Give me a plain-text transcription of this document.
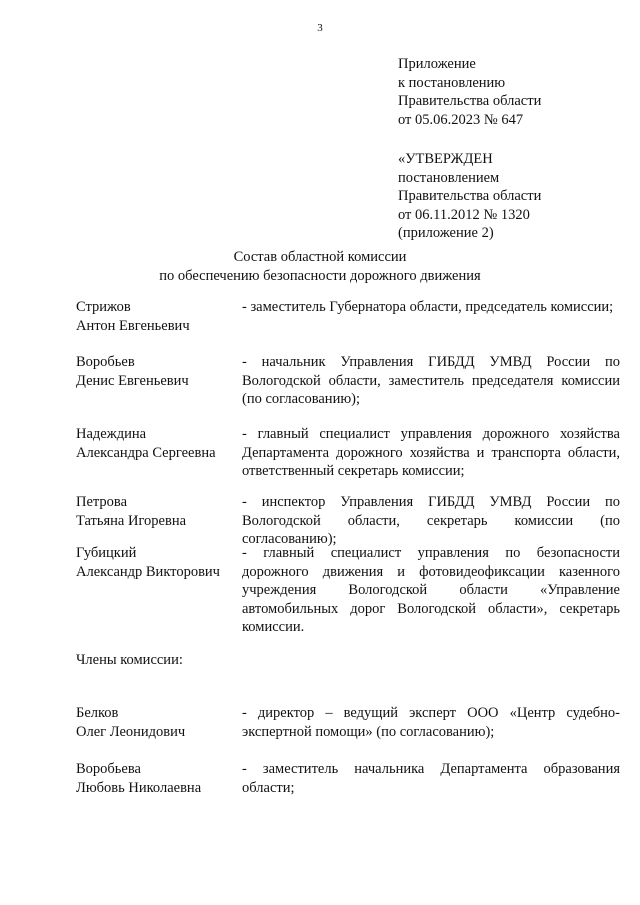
3
Приложение
к постановлению
Правительства области
от 05.06.2023 № 647
«УТВЕРЖДЕН
постановлением
Правительства области
от 06.11.2012 № 1320
(приложение 2)
Состав областной комиссии
по обеспечению безопасности дорожного движения
Стрижов
Антон Евгеньевич
- заместитель Губернатора области, председатель комиссии;
Воробьев
Денис Евгеньевич
- начальник Управления ГИБДД УМВД России по Вологодской области, заместитель председателя комиссии (по согласованию);
Надеждина
Александра Сергеевна
- главный специалист управления дорожного хозяйства Департамента дорожного хозяйства и транспорта области, ответственный секретарь комиссии;
Петрова
Татьяна Игоревна
- инспектор Управления ГИБДД УМВД России по Вологодской области, секретарь комиссии (по согласованию);
Губицкий
Александр Викторович
- главный специалист управления по безопасности дорожного движения и фотовидеофиксации казенного учреждения Вологодской области «Управление автомобильных дорог Вологодской области», секретарь комиссии.
Члены комиссии:
Белков
Олег Леонидович
- директор – ведущий эксперт ООО «Центр судебно-экспертной помощи» (по согласованию);
Воробьева
Любовь Николаевна
- заместитель начальника Департамента образования области;
